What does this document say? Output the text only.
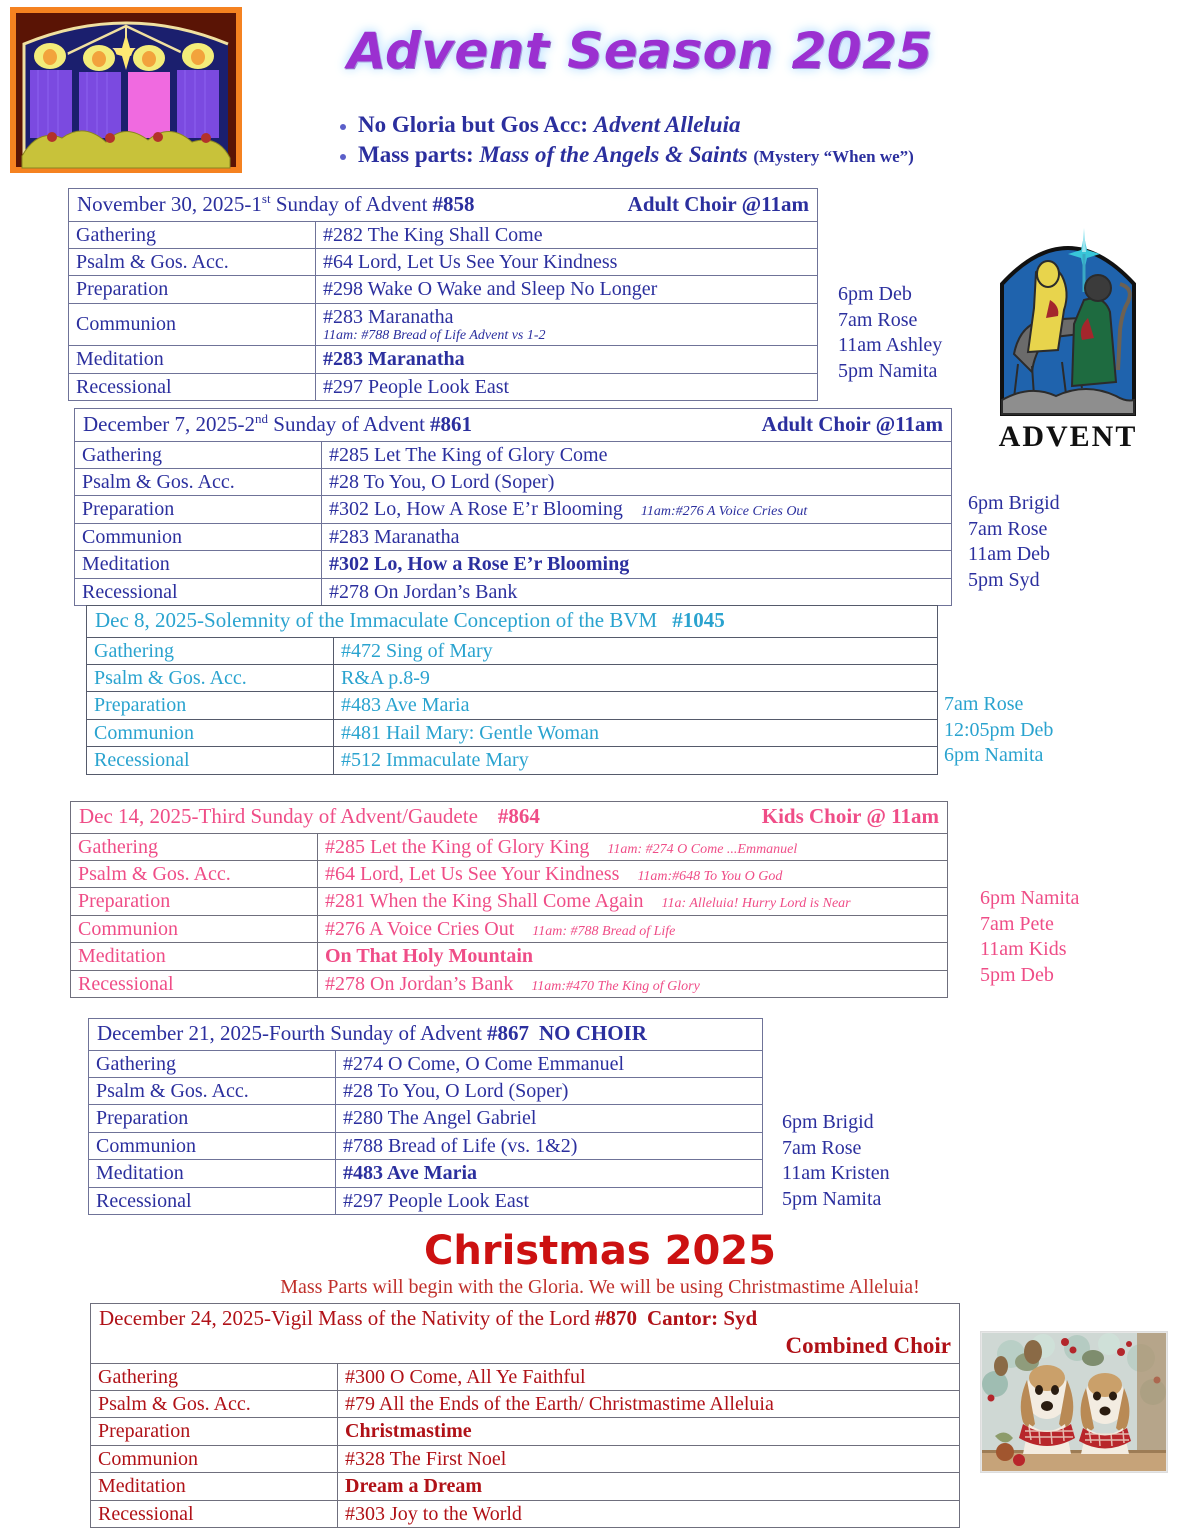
Advent Season 2025
• No Gloria but Gos Acc: Advent Alleluia
• Mass parts: Mass of the Angels & Saints (Mystery “When we”)
ADVENT
November 30, 2025-1st Sunday of Advent #858 Adult Choir @11am	

Gathering	#282 The King Shall Come
Psalm & Gos. Acc.	#64 Lord, Let Us See Your Kindness
Preparation	#298 Wake O Wake and Sleep No Longer
Communion	#283 Maranatha
11am: #788 Bread of Life Advent vs 1-2

Meditation	#283 Maranatha
Recessional	#297 People Look East
6pm Deb
7am Rose
11am Ashley
5pm Namita
December 7, 2025-2nd Sunday of Advent #861 Adult Choir @11am	

Gathering	#285 Let The King of Glory Come
Psalm & Gos. Acc.	#28 To You, O Lord (Soper)
Preparation	#302 Lo, How A Rose E’r Blooming 11am:#276 A Voice Cries Out

Communion	#283 Maranatha
Meditation	#302 Lo, How a Rose E’r Blooming
Recessional	#278 On Jordan’s Bank
6pm Brigid
7am Rose
11am Deb
5pm Syd
Dec 8, 2025-Solemnity of the Immaculate Conception of the BVM #1045	

Gathering	#472 Sing of Mary
Psalm & Gos. Acc.	R&A p.8-9
Preparation	#483 Ave Maria
Communion	#481 Hail Mary: Gentle Woman
Recessional	#512 Immaculate Mary
7am Rose
12:05pm Deb
6pm Namita
Dec 14, 2025-Third Sunday of Advent/Gaudete #864 Kids Choir @ 11am	

Gathering	#285 Let the King of Glory King 11am: #274 O Come ...Emmanuel

Psalm & Gos. Acc.	#64 Lord, Let Us See Your Kindness 11am:#648 To You O God

Preparation	#281 When the King Shall Come Again 11a: Alleluia! Hurry Lord is Near

Communion	#276 A Voice Cries Out 11am: #788 Bread of Life

Meditation	On That Holy Mountain
Recessional	#278 On Jordan’s Bank 11am:#470 The King of Glory
6pm Namita
7am Pete
11am Kids
5pm Deb
December 21, 2025-Fourth Sunday of Advent #867 NO CHOIR	

Gathering	#274 O Come, O Come Emmanuel
Psalm & Gos. Acc.	#28 To You, O Lord (Soper)
Preparation	#280 The Angel Gabriel
Communion	#788 Bread of Life (vs. 1&2)
Meditation	#483 Ave Maria
Recessional	#297 People Look East
6pm Brigid
7am Rose
11am Kristen
5pm Namita
Christmas 2025
Mass Parts will begin with the Gloria. We will be using Christmastime Alleluia!
December 24, 2025-Vigil Mass of the Nativity of the Lord #870 Cantor: Syd
Combined Choir	

Gathering	#300 O Come, All Ye Faithful
Psalm & Gos. Acc.	#79 All the Ends of the Earth/ Christmastime Alleluia
Preparation	Christmastime
Communion	#328 The First Noel
Meditation	Dream a Dream
Recessional	#303 Joy to the World
